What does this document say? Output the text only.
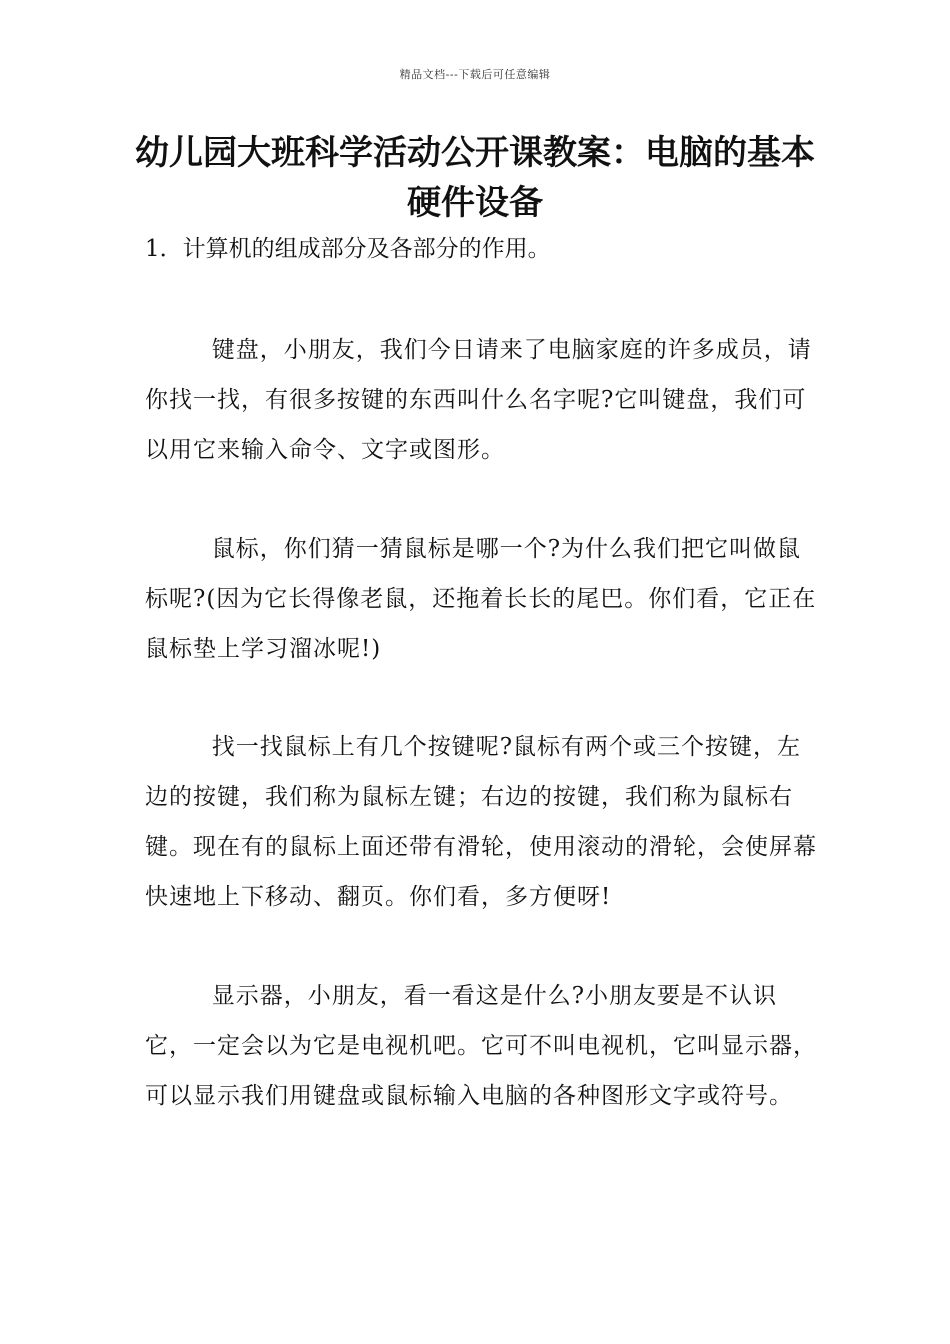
精品文档---下载后可任意编辑
幼儿园大班科学活动公开课教案：电脑的基本硬件设备
1．计算机的组成部分及各部分的作用。

键盘，小朋友，我们今日请来了电脑家庭的许多成员，请你找一找，有很多按键的东西叫什么名字呢?它叫键盘，我们可以用它来输入命令、文字或图形。

鼠标，你们猜一猜鼠标是哪一个?为什么我们把它叫做鼠标呢?(因为它长得像老鼠，还拖着长长的尾巴。你们看，它正在鼠标垫上学习溜冰呢!)

找一找鼠标上有几个按键呢?鼠标有两个或三个按键，左边的按键，我们称为鼠标左键；右边的按键，我们称为鼠标右键。现在有的鼠标上面还带有滑轮，使用滚动的滑轮，会使屏幕快速地上下移动、翻页。你们看，多方便呀!

显示器，小朋友，看一看这是什么?小朋友要是不认识它，一定会以为它是电视机吧。它可不叫电视机，它叫显示器，可以显示我们用键盘或鼠标输入电脑的各种图形文字或符号。
